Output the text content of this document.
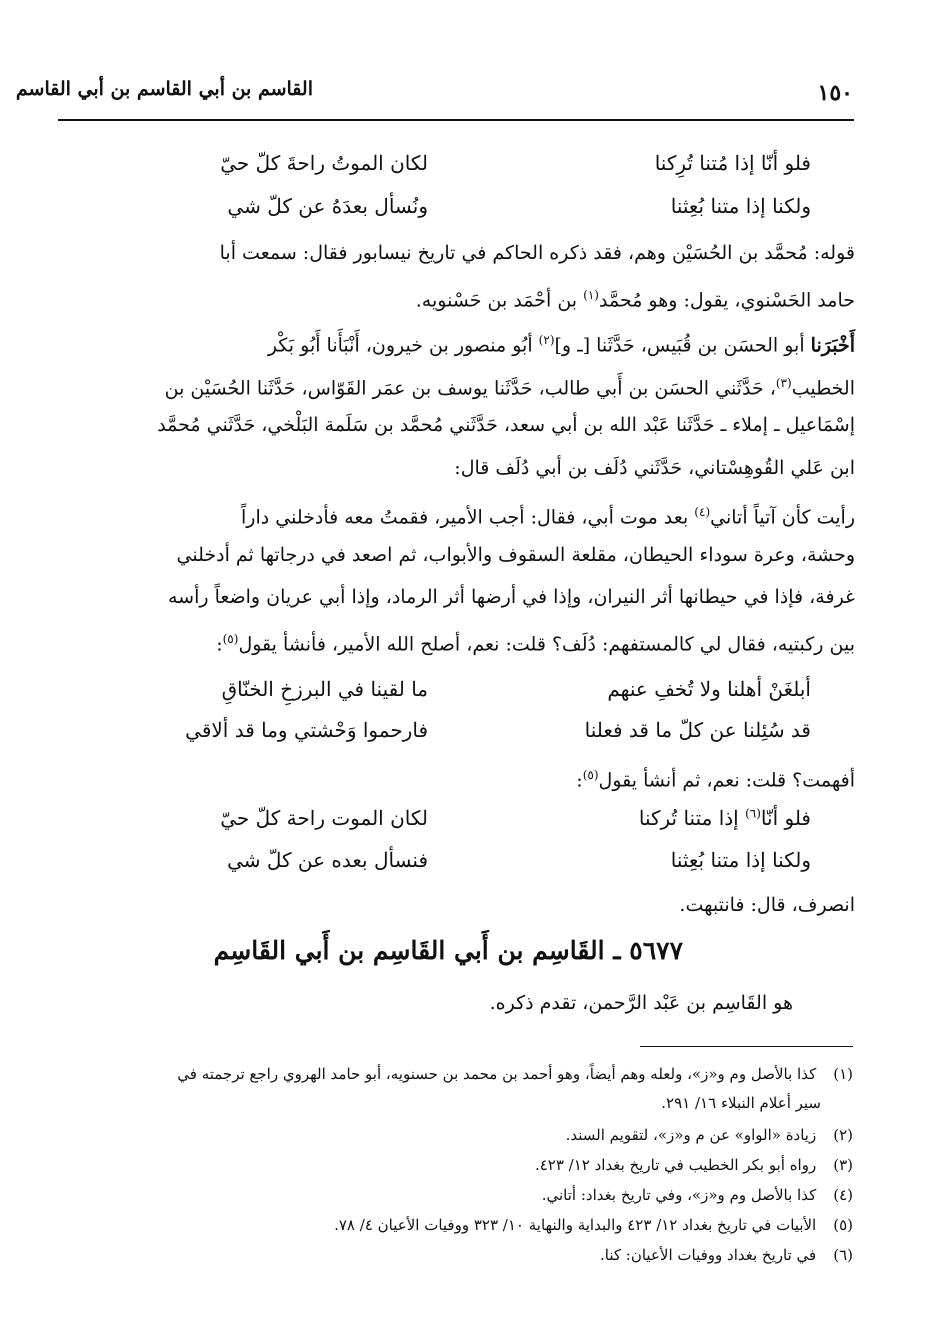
القاسم بن أبي القاسم بن أبي القاسم	١٥٠
فلو أنّا إذا مُتنا تُرِكنا
لكان الموتُ راحةَ كلّ حيّ
ولكنا إذا متنا بُعِثنا
ونُسأل بعدَهُ عن كلّ شي
قوله: مُحمَّد بن الحُسَيْن وهم، فقد ذكره الحاكم في تاريخ نيسابور فقال: سمعت أبا
حامد الحَسْنوي، يقول: وهو مُحمَّد$^{(١)}$ بن أحْمَد بن حَسْنويه.
أَخْبَرَنا أبو الحسَن بن قُبَيس، حَدَّثَنا [ـ و]$^{(٢)}$ أبُو منصور بن خيرون، أَنْبَأَنا أَبُو بَكْر
الخطيب$^{(٣)}$، حَدَّثَني الحسَن بن أَبي طالب، حَدَّثَنا يوسف بن عمَر القَوّاس، حَدَّثَنا الحُسَيْن بن
إسْمَاعيل ـ إملاء ـ حَدَّثَنا عَبْد الله بن أبي سعد، حَدَّثَني مُحمَّد بن سَلَمة البَلْخي، حَدَّثَني مُحمَّد
ابن عَلي القُوهِسْتاني، حَدَّثَني دُلَف بن أبي دُلَف قال:
رأيت كأن آتياً أتاني$^{(٤)}$ بعد موت أبي، فقال: أجب الأمير، فقمتُ معه فأدخلني داراً
وحشة، وعرة سوداء الحيطان، مقلعة السقوف والأبواب، ثم اصعد في درجاتها ثم أدخلني
غرفة، فإذا في حيطانها أثر النيران، وإذا في أرضها أثر الرماد، وإذا أبي عريان واضعاً رأسه
بين ركبتيه، فقال لي كالمستفهم: دُلَف؟ قلت: نعم، أصلح الله الأمير، فأنشأ يقول$^{(٥)}$:
أبلغَنْ أهلنا ولا تُخفِ عنهم
ما لقينا في البرزخِ الخنّاقِ
قد سُئِلنا عن كلّ ما قد فعلنا
فارحموا وَحْشتي وما قد ألاقي
أفهمت؟ قلت: نعم، ثم أنشأ يقول$^{(٥)}$:
فلو أنّا$^{(٦)}$ إذا متنا تُركنا
لكان الموت راحة كلّ حيّ
ولكنا إذا متنا بُعِثنا
فنسأل بعده عن كلّ شي
انصرف، قال: فانتبهت.
٥٦٧٧ ـ القَاسِم بن أَبي القَاسِم بن أَبي القَاسِم
هو القَاسِم بن عَبْد الرَّحمن، تقدم ذكره.
(١) كذا بالأصل وم و«ز»، ولعله وهم أيضاً، وهو أحمد بن محمد بن حسنويه، أبو حامد الهروي راجع ترجمته في
سير أعلام النبلاء ١٦/ ٢٩١.
(٢) زيادة «الواو» عن م و«ز»، لتقويم السند.
(٣) رواه أبو بكر الخطيب في تاريخ بغداد ١٢/ ٤٢٣.
(٤) كذا بالأصل وم و«ز»، وفي تاريخ بغداد: أتاني.
(٥) الأبيات في تاريخ بغداد ١٢/ ٤٢٣ والبداية والنهاية ١٠/ ٣٢٣ ووفيات الأعيان ٤/ ٧٨.
(٦) في تاريخ بغداد ووفيات الأعيان: كنا.
